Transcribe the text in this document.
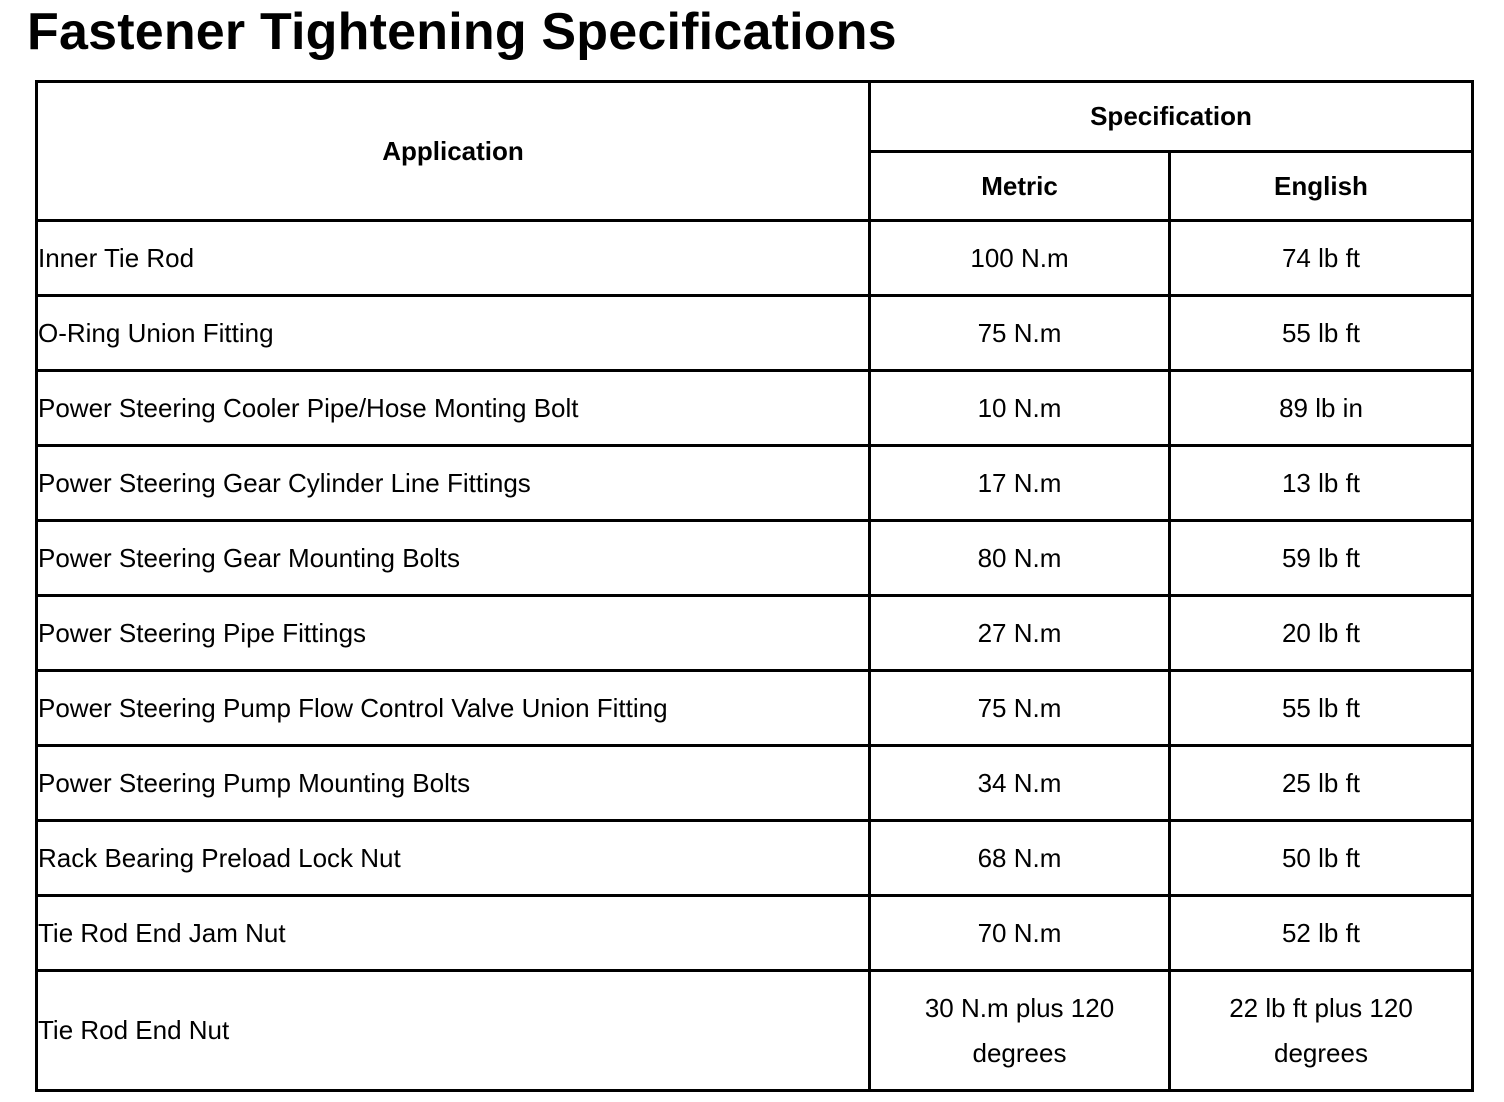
Fastener Tightening Specifications
Application	Specification	
	Metric	English
Inner Tie Rod	100 N.m	74 lb ft
O-Ring Union Fitting	75 N.m	55 lb ft
Power Steering Cooler Pipe/Hose Monting Bolt	10 N.m	89 lb in
Power Steering Gear Cylinder Line Fittings	17 N.m	13 lb ft
Power Steering Gear Mounting Bolts	80 N.m	59 lb ft
Power Steering Pipe Fittings	27 N.m	20 lb ft
Power Steering Pump Flow Control Valve Union Fitting	75 N.m	55 lb ft
Power Steering Pump Mounting Bolts	34 N.m	25 lb ft
Rack Bearing Preload Lock Nut	68 N.m	50 lb ft
Tie Rod End Jam Nut	70 N.m	52 lb ft
Tie Rod End Nut	30 N.m plus 120 degrees	22 lb ft plus 120 degrees
